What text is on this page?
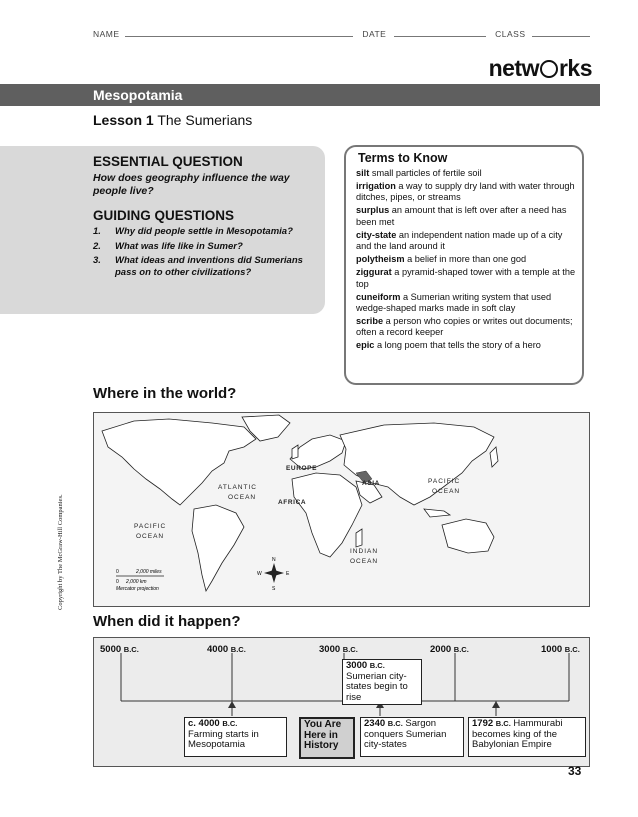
NAME	DATE	CLASS
netw rks
Mesopotamia
Lesson 1 The Sumerians
ESSENTIAL QUESTION
How does geography influence the way people live?
GUIDING QUESTIONS
1.	Why did people settle in Mesopotamia?
2.	What was life like in Sumer?
3.	What ideas and inventions did Sumerians pass on to other civilizations?
Terms to Know
silt small particles of fertile soil
irrigation a way to supply dry land with water through ditches, pipes, or streams
surplus an amount that is left over after a need has been met
city-state an independent nation made up of a city and the land around it
polytheism a belief in more than one god
ziggurat a pyramid-shaped tower with a temple at the top
cuneiform a Sumerian writing system that used wedge-shaped marks made in soft clay
scribe a person who copies or writes out documents; often a record keeper
epic a long poem that tells the story of a hero
Where in the world?
EUROPE
ASIA
AFRICA
ATLANTIC
OCEAN
PACIFIC
OCEAN
PACIFIC
OCEAN
INDIAN
OCEAN
0	2,000 miles
0 2,000 km
Mercator projection
N
S
E
W
Copyright by The McGraw-Hill Companies.
When did it happen?
5000 B.C.	4000 B.C.	3000 B.C.	2000 B.C.	1000 B.C.
3000 B.C.
Sumerian city-states begin to rise
c. 4000 B.C.
Farming starts in Mesopotamia
You Are Here in History
2340 B.C. Sargon conquers Sumerian city-states
1792 B.C. Hammurabi becomes king of the Babylonian Empire
33
